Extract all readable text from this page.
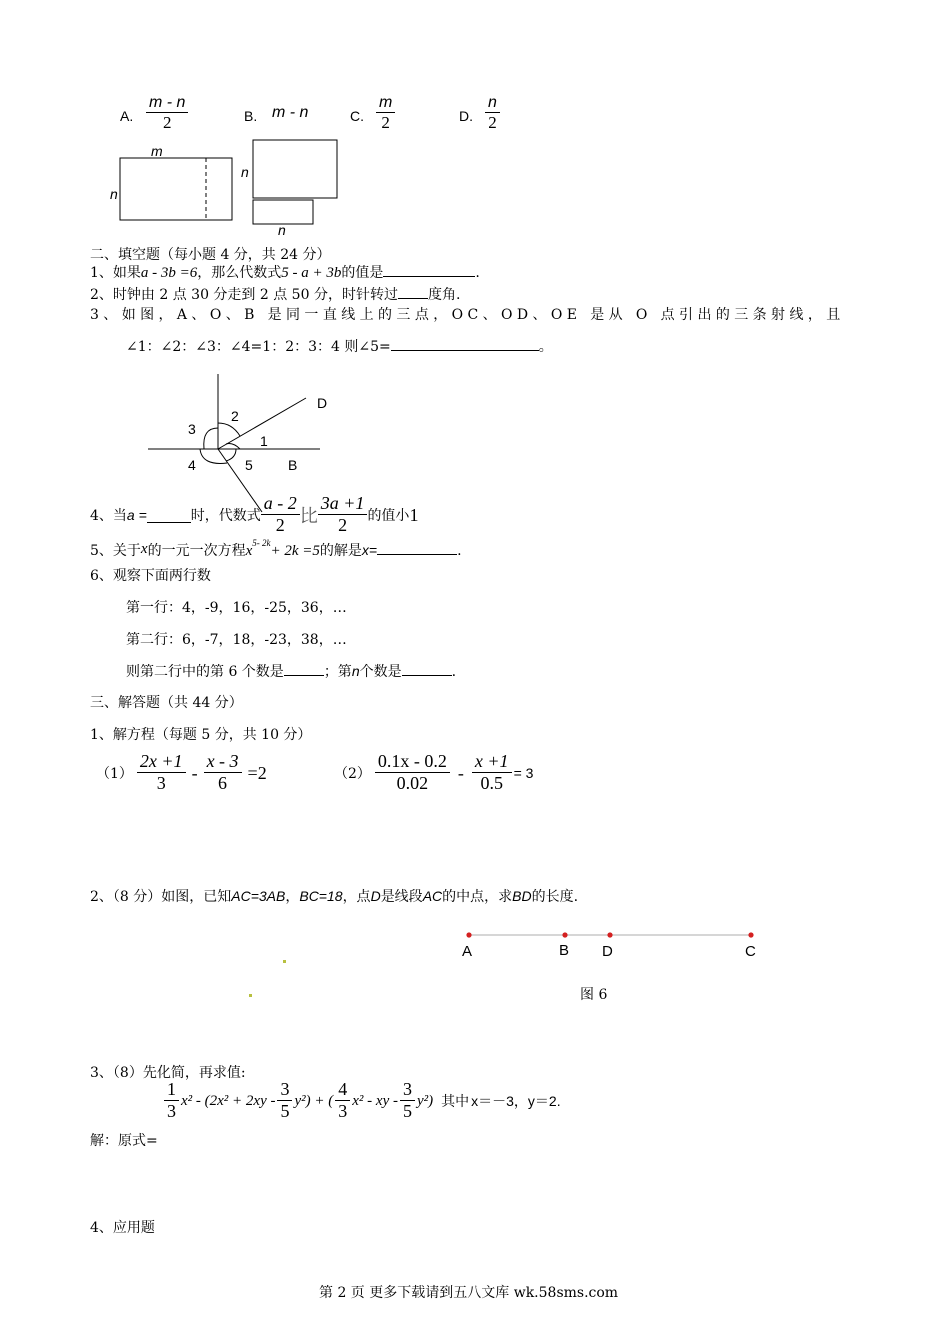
A. $\frac{m - n}{2}$	B. m - n	C. $\frac{m}{2}$	D. $\frac{n}{2}$
m
n
n
n
二、填空题（每小题 4 分，共 24 分）
1、如果a - 3b =6，那么代数式5 - a + 3b的值是	.
2、时钟由 2 点 30 分走到 2 点 50 分，时针转过 度角.
3、如图，A、O、B 是同一直线上的三点，OC、OD、OE 是从 O 点引出的三条射线，且
∠1：∠2：∠3：∠4=1：2：3：4 则∠5=	。
1
2
3
4	5
D
B
4、当 a =	时，代数式 $\frac{a - 2}{2}$ 比 $\frac{3a +1}{2}$ 的值小 1
5、关于x的一元一次方程$x^{5- 2k}+ 2k =5$的解是x=	.
6、观察下面两行数
第一行：4，-9，16，-25，36，…
第二行：6，-7，18，-23，38，…
则第二行中的第 6 个数是	；第n个数是	.
三、解答题（共 44 分）
1、解方程（每题 5 分，共 10 分）
$(1) \frac{2x +1}{3} - \frac{x - 3}{6} =2$	$(2) \frac{0.1x - 0.2}{0.02} - \frac{x +1}{0.5} = 3$
2、（8 分）如图，已知AC=3AB，BC=18，点D是线段AC的中点，求BD的长度.
A	B D	C
图 6
3、（8）先化简，再求值:
$\frac{1}{3} x^2 - (2x^2 + 2xy - \frac{3}{5} y^2)$ + ( $\frac{4}{3} x^2$ - xy - $\frac{3}{5} y^2$) 其中 x＝－3，y＝2.
解：原式=
4、应用题
第 2 页 更多下载请到五八文库 wk.58sms.com
